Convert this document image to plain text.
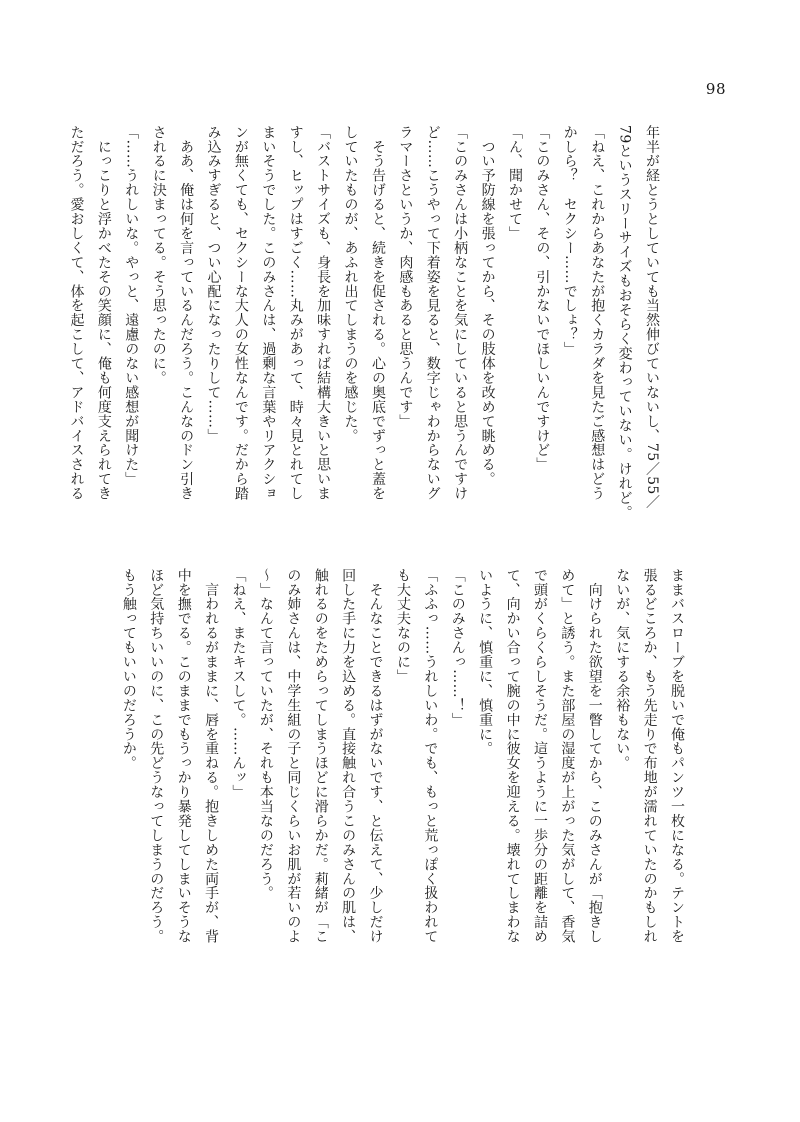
98

年半が経とうとしていても当然伸びていないし、75／55／

79というスリーサイズもおそらく変わっていない。けれど。

「ねえ、これからあなたが抱くカラダを見たご感想はどう

かしら？　セクシー……でしょ？」

「このみさん、その、引かないでほしいんですけど」

「ん、聞かせて」

　つい予防線を張ってから、その肢体を改めて眺める。

「このみさんは小柄なことを気にしていると思うんですけ

ど……こうやって下着姿を見ると、数字じゃわからないグ

ラマーさというか、肉感もあると思うんです」

　そう告げると、続きを促される。心の奥底でずっと蓋を

していたものが、あふれ出てしまうのを感じた。

「バストサイズも、身長を加味すれば結構大きいと思いま

すし、ヒップはすごく……丸みがあって、時々見とれてし

まいそうでした。このみさんは、過剰な言葉やリアクショ

ンが無くても、セクシーな大人の女性なんです。だから踏

み込みすぎると、つい心配になったりして……」

　ああ、俺は何を言っているんだろう。こんなのドン引き

されるに決まってる。そう思ったのに。

「……うれしいな。やっと、遠慮のない感想が聞けた」

　にっこりと浮かべたその笑顔に、俺も何度支えられてき

ただろう。愛おしくて、体を起こして、アドバイスされる

ままバスローブを脱いで俺もパンツ一枚になる。テントを

張るどころか、もう先走りで布地が濡れていたのかもしれ

ないが、気にする余裕もない。

　向けられた欲望を一瞥してから、このみさんが「抱きし

めて」と誘う。また部屋の湿度が上がった気がして、香気

で頭がくらくらしそうだ。這うように一歩分の距離を詰め

て、向かい合って腕の中に彼女を迎える。壊れてしまわな

いように、慎重に、慎重に。

「このみさんっ……！」

「ふふっ……うれしいわ。でも、もっと荒っぽく扱われて

も大丈夫なのに」

　そんなことできるはずがないです、と伝えて、少しだけ

回した手に力を込める。直接触れ合うこのみさんの肌は、

触れるのをためらってしまうほどに滑らかだ。莉緒が「こ

のみ姉さんは、中学生組の子と同じくらいお肌が若いのよ

～」なんて言っていたが、それも本当なのだろう。

「ねえ、またキスして。……んッ」

　言われるがままに、唇を重ねる。抱きしめた両手が、背

中を撫でる。このままでもうっかり暴発してしまいそうな

ほど気持ちいいのに、この先どうなってしまうのだろう。

もう触ってもいいのだろうか。
